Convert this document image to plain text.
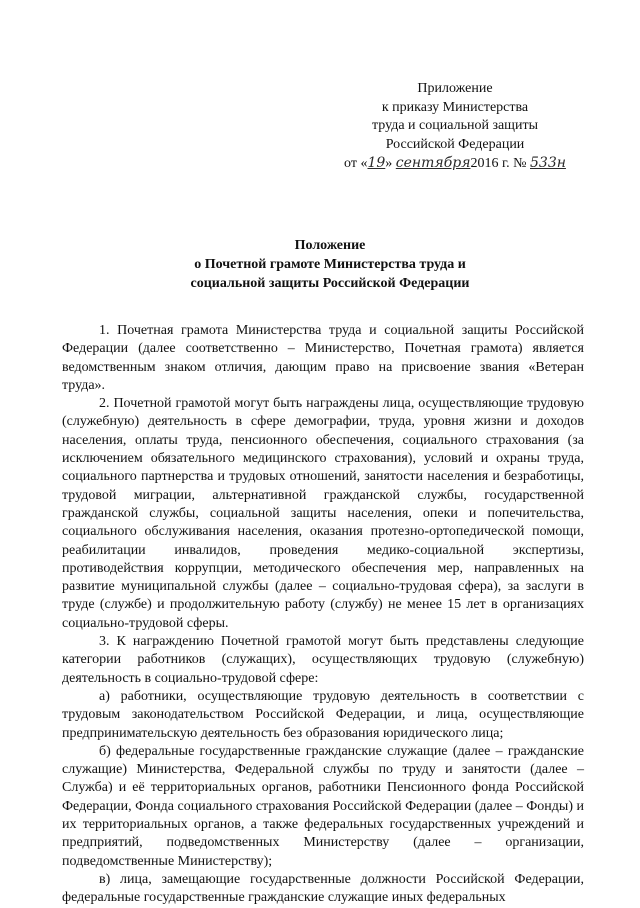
Приложение
к приказу Министерства
труда и социальной защиты
Российской Федерации
от «19» сентября2016 г. № 533н
Положение
о Почетной грамоте Министерства труда и
социальной защиты Российской Федерации

1. Почетная грамота Министерства труда и социальной защиты Российской Федерации (далее соответственно – Министерство, Почетная грамота) является ведомственным знаком отличия, дающим право на присвоение звания «Ветеран труда».

2. Почетной грамотой могут быть награждены лица, осуществляющие трудовую (служебную) деятельность в сфере демографии, труда, уровня жизни и доходов населения, оплаты труда, пенсионного обеспечения, социального страхования (за исключением обязательного медицинского страхования), условий и охраны труда, социального партнерства и трудовых отношений, занятости населения и безработицы, трудовой миграции, альтернативной гражданской службы, государственной гражданской службы, социальной защиты населения, опеки и попечительства, социального обслуживания населения, оказания протезно-ортопедической помощи, реабилитации инвалидов, проведения медико-социальной экспертизы, противодействия коррупции, методического обеспечения мер, направленных на развитие муниципальной службы (далее – социально-трудовая сфера), за заслуги в труде (службе) и продолжительную работу (службу) не менее 15 лет в организациях социально-трудовой сферы.

3. К награждению Почетной грамотой могут быть представлены следующие категории работников (служащих), осуществляющих трудовую (служебную) деятельность в социально-трудовой сфере:

а) работники, осуществляющие трудовую деятельность в соответствии с трудовым законодательством Российской Федерации, и лица, осуществляющие предпринимательскую деятельность без образования юридического лица;

б) федеральные государственные гражданские служащие (далее – гражданские служащие) Министерства, Федеральной службы по труду и занятости (далее – Служба) и её территориальных органов, работники Пенсионного фонда Российской Федерации, Фонда социального страхования Российской Федерации (далее – Фонды) и их территориальных органов, а также федеральных государственных учреждений и предприятий, подведомственных Министерству (далее – организации, подведомственные Министерству);

в) лица, замещающие государственные должности Российской Федерации, федеральные государственные гражданские служащие иных федеральных
